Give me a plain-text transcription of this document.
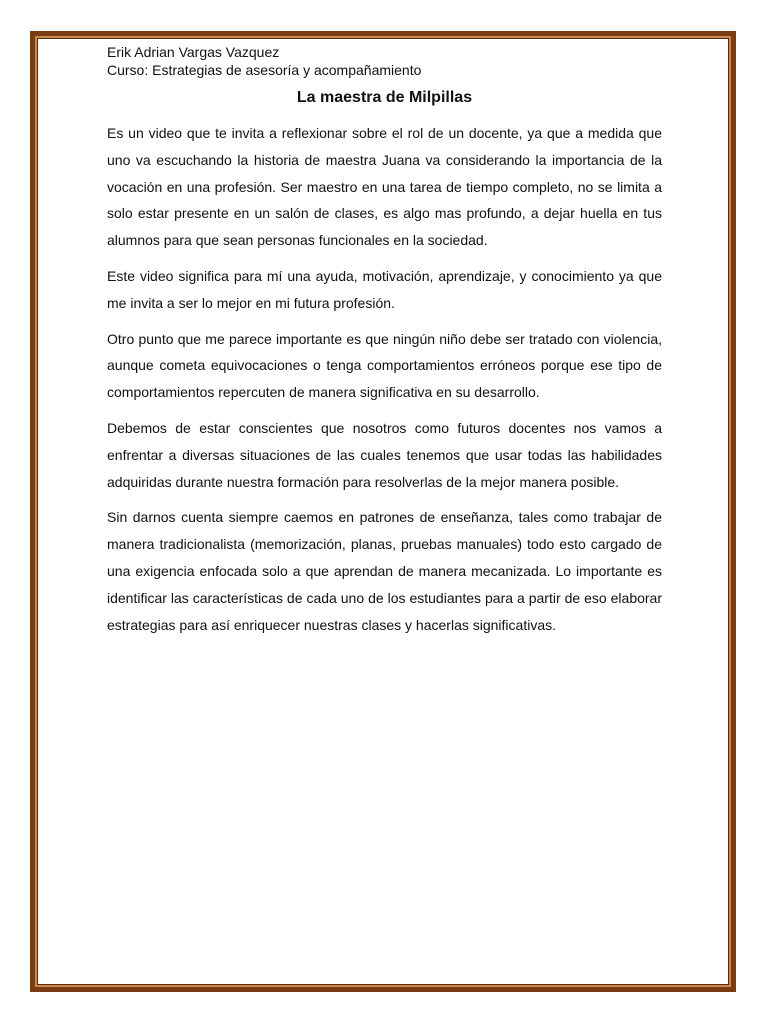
Erik Adrian Vargas Vazquez

Curso: Estrategias de asesoría y acompañamiento

La maestra de Milpillas

Es un video que te invita a reflexionar sobre el rol de un docente, ya que a medida que uno va escuchando la historia de maestra Juana va considerando la importancia de la vocación en una profesión. Ser maestro en una tarea de tiempo completo, no se limita a solo estar presente en un salón de clases, es algo mas profundo, a dejar huella en tus alumnos para que sean personas funcionales en la sociedad.

Este video significa para mí una ayuda, motivación, aprendizaje, y conocimiento ya que me invita a ser lo mejor en mi futura profesión.

Otro punto que me parece importante es que ningún niño debe ser tratado con violencia, aunque cometa equivocaciones o tenga comportamientos erróneos porque ese tipo de comportamientos repercuten de manera significativa en su desarrollo.

Debemos de estar conscientes que nosotros como futuros docentes nos vamos a enfrentar a diversas situaciones de las cuales tenemos que usar todas las habilidades adquiridas durante nuestra formación para resolverlas de la mejor manera posible.

Sin darnos cuenta siempre caemos en patrones de enseñanza, tales como trabajar de manera tradicionalista (memorización, planas, pruebas manuales) todo esto cargado de una exigencia enfocada solo a que aprendan de manera mecanizada. Lo importante es identificar las características de cada uno de los estudiantes para a partir de eso elaborar estrategias para así enriquecer nuestras clases y hacerlas significativas.
